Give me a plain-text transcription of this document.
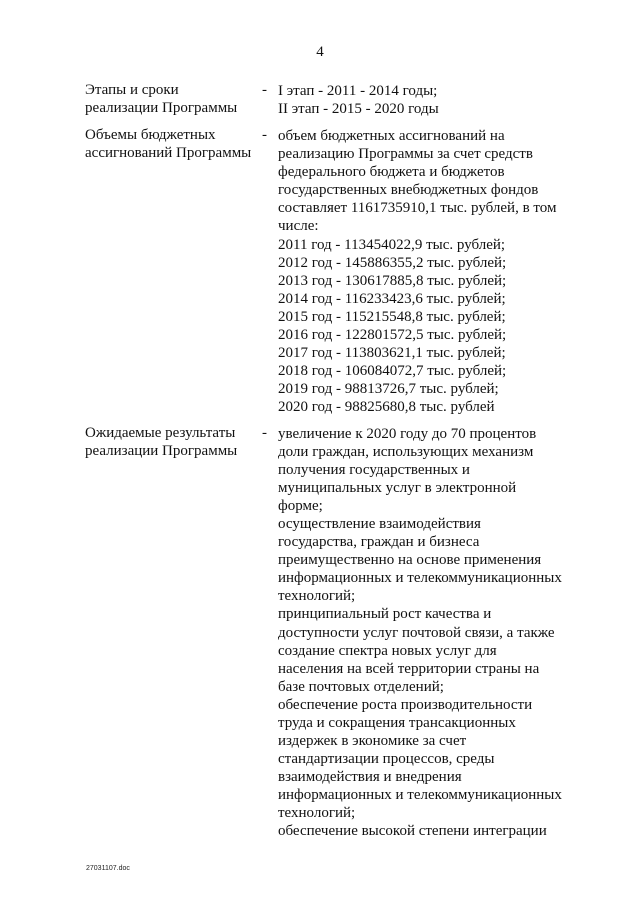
4
Этапы и сроки
реализации Программы
- I этап - 2011 - 2014 годы;
II этап - 2015 - 2020 годы
Объемы бюджетных
ассигнований Программы
- объем бюджетных ассигнований на
реализацию Программы за счет средств
федерального бюджета и бюджетов
государственных внебюджетных фондов
составляет 1161735910,1 тыс. рублей, в том
числе:
2011 год - 113454022,9 тыс. рублей;
2012 год - 145886355,2 тыс. рублей;
2013 год - 130617885,8 тыс. рублей;
2014 год - 116233423,6 тыс. рублей;
2015 год - 115215548,8 тыс. рублей;
2016 год - 122801572,5 тыс. рублей;
2017 год - 113803621,1 тыс. рублей;
2018 год - 106084072,7 тыс. рублей;
2019 год - 98813726,7 тыс. рублей;
2020 год - 98825680,8 тыс. рублей
Ожидаемые результаты
реализации Программы
- увеличение к 2020 году до 70 процентов
доли граждан, использующих механизм
получения государственных и
муниципальных услуг в электронной
форме;
осуществление взаимодействия
государства, граждан и бизнеса
преимущественно на основе применения
информационных и телекоммуникационных
технологий;
принципиальный рост качества и
доступности услуг почтовой связи, а также
создание спектра новых услуг для
населения на всей территории страны на
базе почтовых отделений;
обеспечение роста производительности
труда и сокращения трансакционных
издержек в экономике за счет
стандартизации процессов, среды
взаимодействия и внедрения
информационных и телекоммуникационных
технологий;
обеспечение высокой степени интеграции
27031107.doc
